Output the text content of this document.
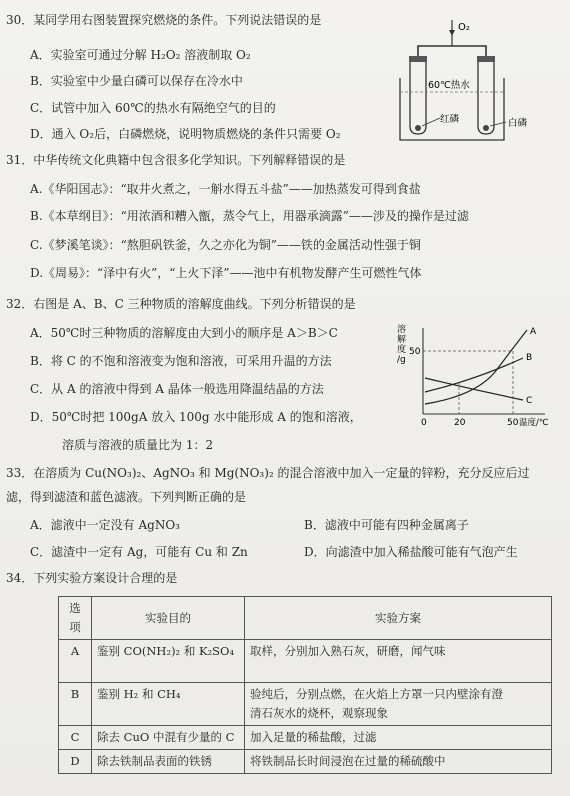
30．某同学用右图装置探究燃烧的条件。下列说法错误的是
A．实验室可通过分解 H₂O₂ 溶液制取 O₂
B．实验室中少量白磷可以保存在冷水中
C．试管中加入 60℃的热水有隔绝空气的目的
D．通入 O₂后，白磷燃烧，说明物质燃烧的条件只需要 O₂
O₂
60℃热水
红磷	白磷
31．中华传统文化典籍中包含很多化学知识。下列解释错误的是
A.《华阳国志》：“取井火煮之，一斛水得五斗盐”——加热蒸发可得到食盐
B.《本草纲目》：“用浓酒和糟入甑，蒸令气上，用器承滴露”——涉及的操作是过滤
C.《梦溪笔谈》：“熬胆矾铁釜，久之亦化为铜”——铁的金属活动性强于铜
D.《周易》：“泽中有火”，“上火下泽”——池中有机物发酵产生可燃性气体
32．右图是 A、B、C 三种物质的溶解度曲线。下列分析错误的是
A．50℃时三种物质的溶解度由大到小的顺序是 A＞B＞C
B．将 C 的不饱和溶液变为饱和溶液，可采用升温的方法
C．从 A 的溶液中得到 A 晶体一般选用降温结晶的方法
D．50℃时把 100gA 放入 100g 水中能形成 A 的饱和溶液，
溶质与溶液的质量比为 1：2
溶
解
度
/g
50
0	20	50 温度/℃
A
B
C
33．在溶质为 Cu(NO₃)₂、AgNO₃ 和 Mg(NO₃)₂ 的混合溶液中加入一定量的锌粉，充分反应后过
滤，得到滤渣和蓝色滤液。下列判断正确的是
A．滤液中一定没有 AgNO₃	B．滤液中可能有四种金属离子
C．滤渣中一定有 Ag，可能有 Cu 和 Zn	D．向滤渣中加入稀盐酸可能有气泡产生
34．下列实验方案设计合理的是
选项	实验目的	实验方案
A	鉴别 CO(NH₂)₂ 和 K₂SO₄	取样，分别加入熟石灰，研磨，闻气味

B	鉴别 H₂ 和 CH₄	验纯后，分别点燃，在火焰上方罩一只内壁涂有澄
清石灰水的烧杯，观察现象

C	除去 CuO 中混有少量的 C	加入足量的稀盐酸，过滤
D	除去铁制品表面的铁锈	将铁制品长时间浸泡在过量的稀硫酸中
